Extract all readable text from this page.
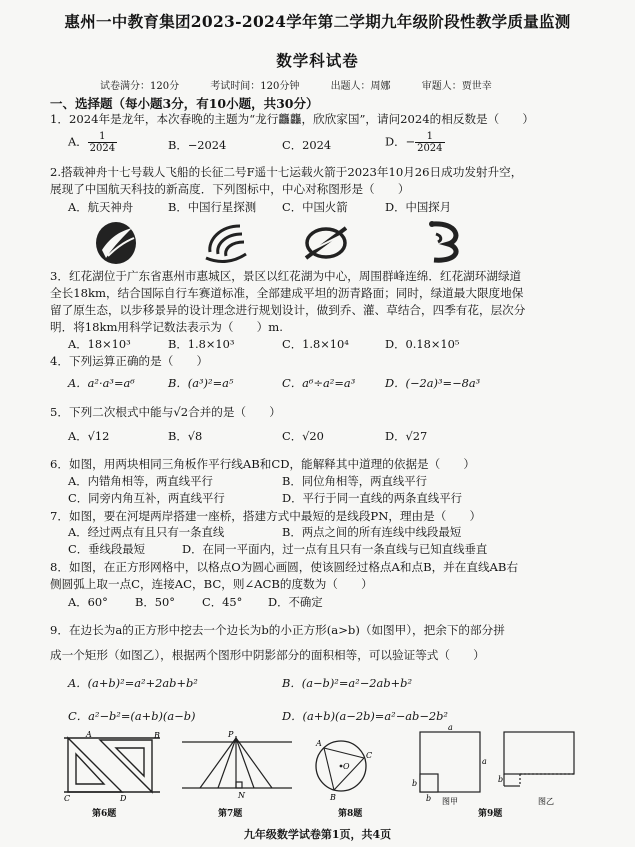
惠州一中教育集团2023-2024学年第二学期九年级阶段性教学质量监测
数学科试卷
试卷满分：120分	考试时间：120分钟	出题人：周娜	审题人：贾世幸
一、选择题（每小题3分，有10小题，共30分）
1．2024年是龙年，本次春晚的主题为“龙行龘龘，欣欣家国”，请问2024的相反数是（　　）
A． $\frac{1}{2024}$	B．−2024	C．2024	D．− $\frac{1}{2024}$
2.搭载神舟十七号载人飞船的长征二号F遥十七运载火箭于2023年10月26日成功发射升空，
展现了中国航天科技的新高度．下列图标中，中心对称图形是（　　）
A．航天神舟	B．中国行星探测 C．中国火箭	D．中国探月
3．红花湖位于广东省惠州市惠城区，景区以红花湖为中心，周围群峰连绵．红花湖环湖绿道
全长18km，结合国际自行车赛道标准，全部建成平坦的沥青路面；同时，绿道最大限度地保
留了原生态，以步移景异的设计理念进行规划设计，做到乔、灌、草结合，四季有花，层次分
明．将18km用科学记数法表示为（　　）m.
A．18×10³	B．1.8×10³	C．1.8×10⁴	D．0.18×10⁵
4．下列运算正确的是（　　）
A．a²·a³=a⁶	B．(a³)²=a⁵	C．a⁶÷a²=a³	D．(−2a)³=−8a³
5．下列二次根式中能与√2合并的是（　　）
A．√12	B．√8	C．√20	D．√27
6．如图，用两块相同三角板作平行线AB和CD，能解释其中道理的依据是（　　）
A．内错角相等，两直线平行	B．同位角相等，两直线平行
C．同旁内角互补，两直线平行	D．平行于同一直线的两条直线平行
7．如图，要在河堤两岸搭建一座桥，搭建方式中最短的是线段PN，理由是（　　）
A．经过两点有且只有一条直线	B．两点之间的所有连线中线段最短
C．垂线段最短	D．在同一平面内，过一点有且只有一条直线与已知直线垂直
8．如图，在正方形网格中，以格点O为圆心画圆，使该圆经过格点A和点B，并在直线AB右
侧圆弧上取一点C，连接AC，BC，则∠ACB的度数为（　　）
A．60° B．50° C．45° D．不确定
9．在边长为a的正方形中挖去一个边长为b的小正方形(a>b)（如图甲），把余下的部分拼
成一个矩形（如图乙），根据两个图形中阴影部分的面积相等，可以验证等式（　　）
A．(a+b)²=a²+2ab+b²	B．(a−b)²=a²−2ab+b²
C．a²−b²=(a+b)(a−b)	D．(a+b)(a−2b)=a²−ab−2b²
A	B
C	D
第6题
P
N
第7题
O
A
C
B
第8题
a
a
b
b
b
图甲	图乙
第9题
九年级数学试卷第1页，共4页
